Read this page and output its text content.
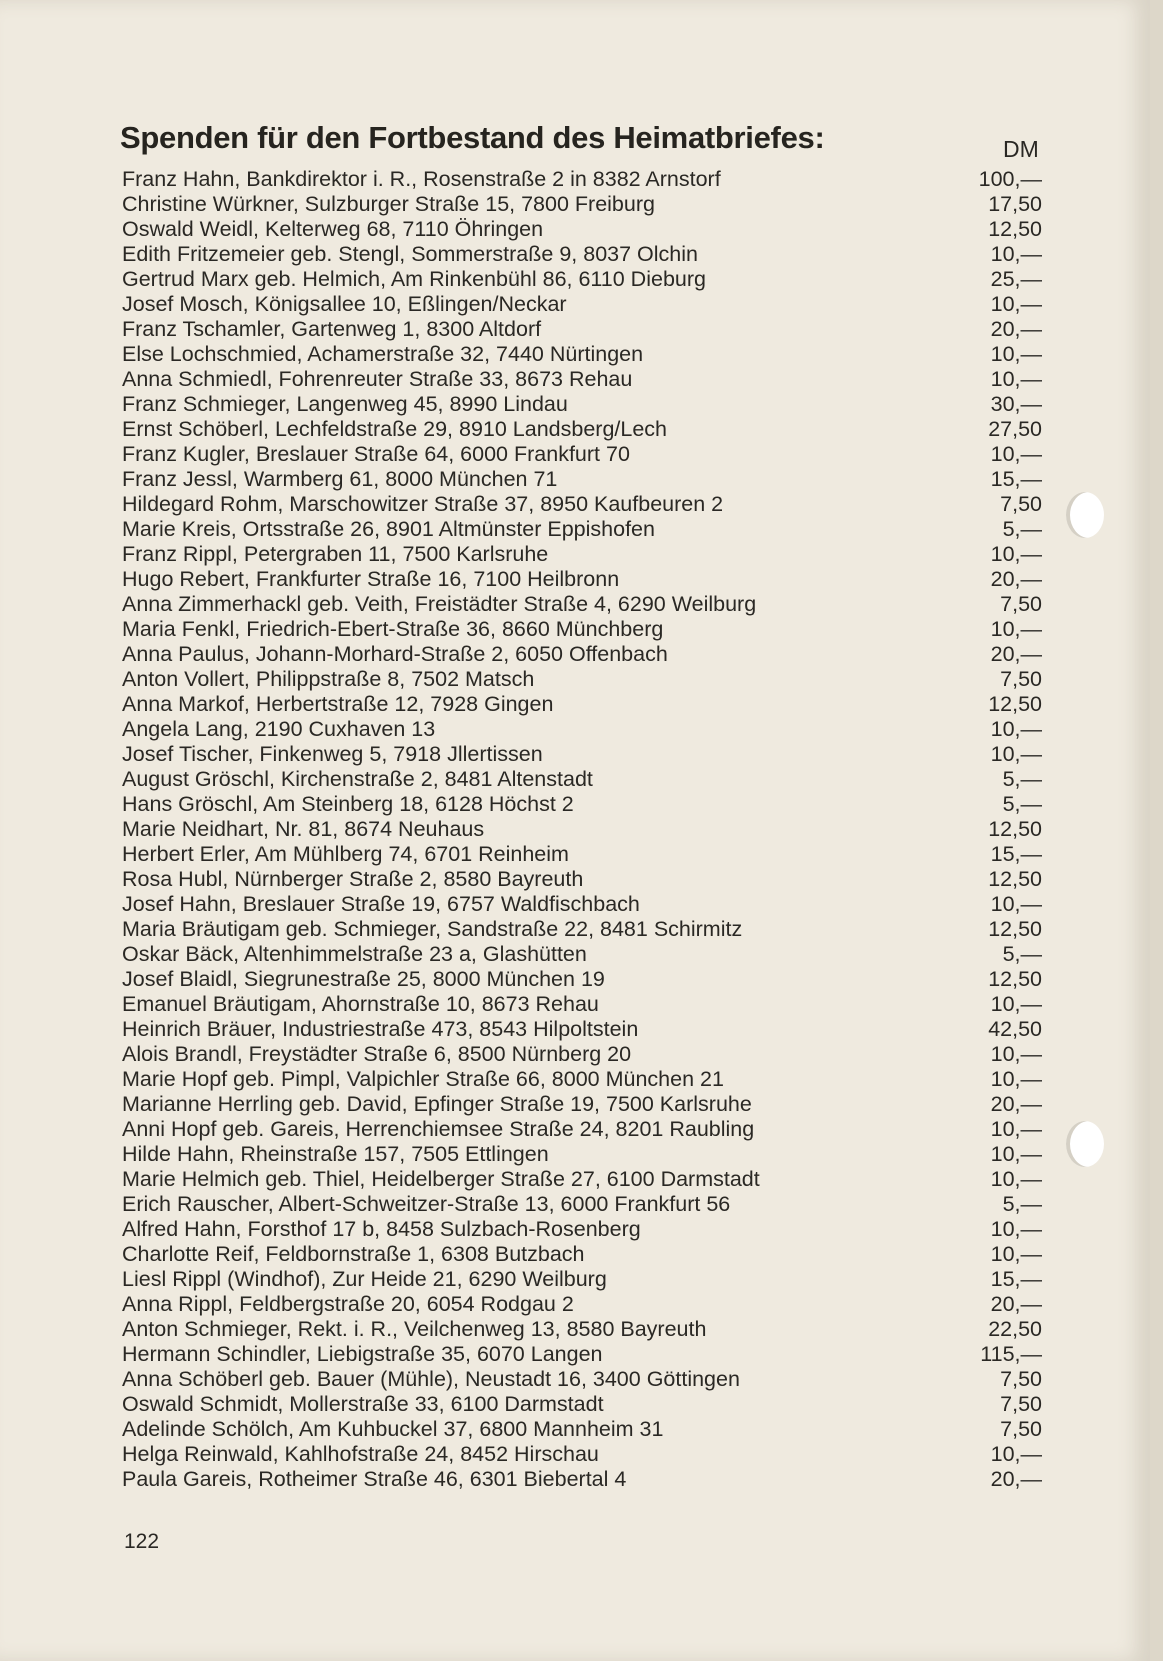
Spenden für den Fortbestand des Heimatbriefes:	DM
Franz Hahn, Bankdirektor i. R., Rosenstraße 2 in 8382 Arnstorf	100,—
Christine Würkner, Sulzburger Straße 15, 7800 Freiburg	17,50
Oswald Weidl, Kelterweg 68, 7110 Öhringen	12,50
Edith Fritzemeier geb. Stengl, Sommerstraße 9, 8037 Olchin	10,—
Gertrud Marx geb. Helmich, Am Rinkenbühl 86, 6110 Dieburg	25,—
Josef Mosch, Königsallee 10, Eßlingen/Neckar	10,—
Franz Tschamler, Gartenweg 1, 8300 Altdorf	20,—
Else Lochschmied, Achamerstraße 32, 7440 Nürtingen	10,—
Anna Schmiedl, Fohrenreuter Straße 33, 8673 Rehau	10,—
Franz Schmieger, Langenweg 45, 8990 Lindau	30,—
Ernst Schöberl, Lechfeldstraße 29, 8910 Landsberg/Lech	27,50
Franz Kugler, Breslauer Straße 64, 6000 Frankfurt 70	10,—
Franz Jessl, Warmberg 61, 8000 München 71	15,—
Hildegard Rohm, Marschowitzer Straße 37, 8950 Kaufbeuren 2	7,50
Marie Kreis, Ortsstraße 26, 8901 Altmünster Eppishofen	5,—
Franz Rippl, Petergraben 11, 7500 Karlsruhe	10,—
Hugo Rebert, Frankfurter Straße 16, 7100 Heilbronn	20,—
Anna Zimmerhackl geb. Veith, Freistädter Straße 4, 6290 Weilburg	7,50
Maria Fenkl, Friedrich-Ebert-Straße 36, 8660 Münchberg	10,—
Anna Paulus, Johann-Morhard-Straße 2, 6050 Offenbach	20,—
Anton Vollert, Philippstraße 8, 7502 Matsch	7,50
Anna Markof, Herbertstraße 12, 7928 Gingen	12,50
Angela Lang, 2190 Cuxhaven 13	10,—
Josef Tischer, Finkenweg 5, 7918 Jllertissen	10,—
August Gröschl, Kirchenstraße 2, 8481 Altenstadt	5,—
Hans Gröschl, Am Steinberg 18, 6128 Höchst 2	5,—
Marie Neidhart, Nr. 81, 8674 Neuhaus	12,50
Herbert Erler, Am Mühlberg 74, 6701 Reinheim	15,—
Rosa Hubl, Nürnberger Straße 2, 8580 Bayreuth	12,50
Josef Hahn, Breslauer Straße 19, 6757 Waldfischbach	10,—
Maria Bräutigam geb. Schmieger, Sandstraße 22, 8481 Schirmitz	12,50
Oskar Bäck, Altenhimmelstraße 23 a, Glashütten	5,—
Josef Blaidl, Siegrunestraße 25, 8000 München 19	12,50
Emanuel Bräutigam, Ahornstraße 10, 8673 Rehau	10,—
Heinrich Bräuer, Industriestraße 473, 8543 Hilpoltstein	42,50
Alois Brandl, Freystädter Straße 6, 8500 Nürnberg 20	10,—
Marie Hopf geb. Pimpl, Valpichler Straße 66, 8000 München 21	10,—
Marianne Herrling geb. David, Epfinger Straße 19, 7500 Karlsruhe	20,—
Anni Hopf geb. Gareis, Herrenchiemsee Straße 24, 8201 Raubling	10,—
Hilde Hahn, Rheinstraße 157, 7505 Ettlingen	10,—
Marie Helmich geb. Thiel, Heidelberger Straße 27, 6100 Darmstadt	10,—
Erich Rauscher, Albert-Schweitzer-Straße 13, 6000 Frankfurt 56	5,—
Alfred Hahn, Forsthof 17 b, 8458 Sulzbach-Rosenberg	10,—
Charlotte Reif, Feldbornstraße 1, 6308 Butzbach	10,—
Liesl Rippl (Windhof), Zur Heide 21, 6290 Weilburg	15,—
Anna Rippl, Feldbergstraße 20, 6054 Rodgau 2	20,—
Anton Schmieger, Rekt. i. R., Veilchenweg 13, 8580 Bayreuth	22,50
Hermann Schindler, Liebigstraße 35, 6070 Langen	115,—
Anna Schöberl geb. Bauer (Mühle), Neustadt 16, 3400 Göttingen	7,50
Oswald Schmidt, Mollerstraße 33, 6100 Darmstadt	7,50
Adelinde Schölch, Am Kuhbuckel 37, 6800 Mannheim 31	7,50
Helga Reinwald, Kahlhofstraße 24, 8452 Hirschau	10,—
Paula Gareis, Rotheimer Straße 46, 6301 Biebertal 4	20,—
122
